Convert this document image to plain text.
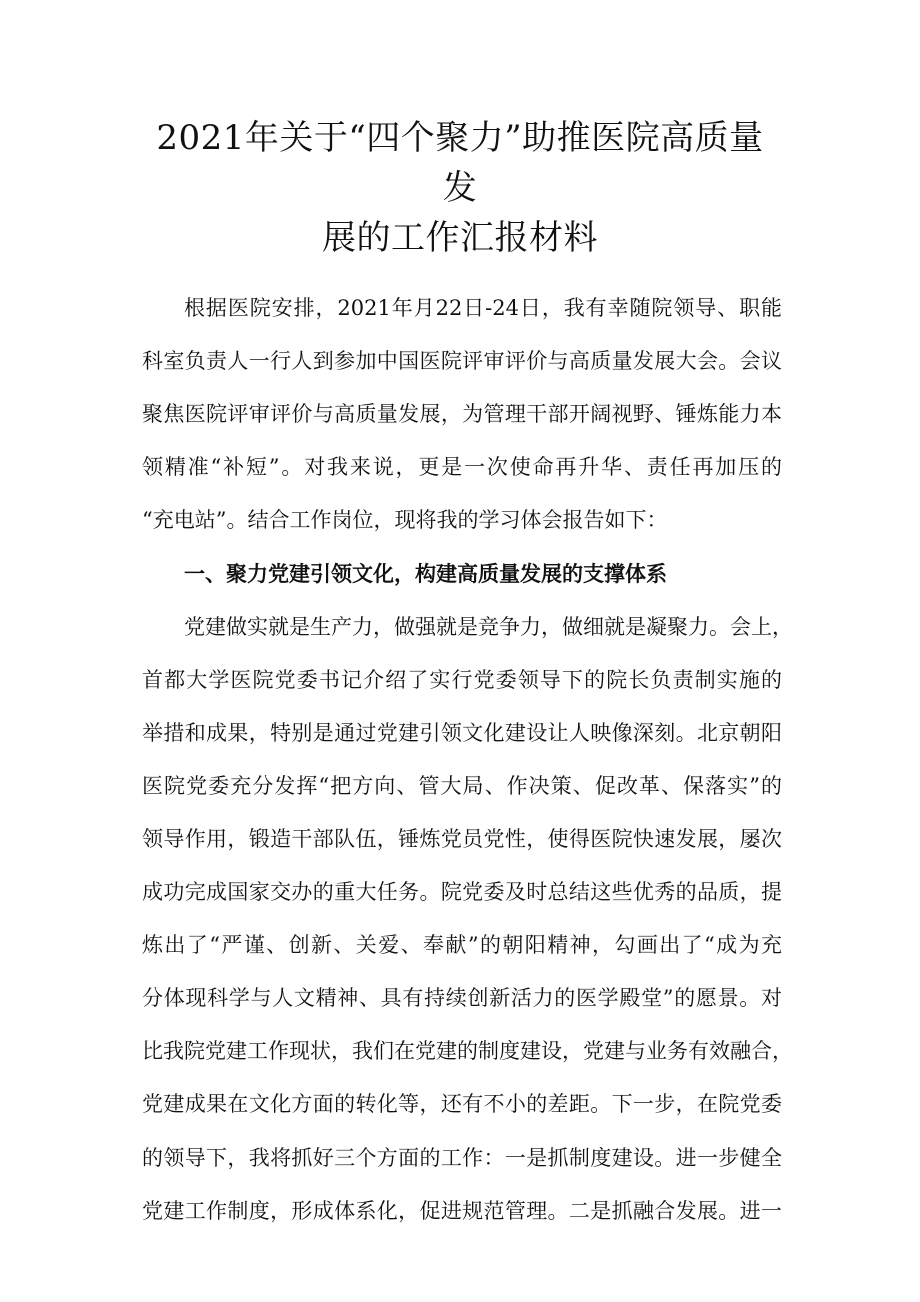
2021年关于“四个聚力”助推医院高质量发
展的工作汇报材料
根据医院安排，2021年月22日-24日，我有幸随院领导、职能
科室负责人一行人到参加中国医院评审评价与高质量发展大会。会议
聚焦医院评审评价与高质量发展，为管理干部开阔视野、锤炼能力本
领精准“补短”。对我来说，更是一次使命再升华、责任再加压的
“充电站”。结合工作岗位，现将我的学习体会报告如下：
一、聚力党建引领文化，构建高质量发展的支撑体系
党建做实就是生产力，做强就是竞争力，做细就是凝聚力。会上，
首都大学医院党委书记介绍了实行党委领导下的院长负责制实施的
举措和成果，特别是通过党建引领文化建设让人映像深刻。北京朝阳
医院党委充分发挥“把方向、管大局、作决策、促改革、保落实”的
领导作用，锻造干部队伍，锤炼党员党性，使得医院快速发展，屡次
成功完成国家交办的重大任务。院党委及时总结这些优秀的品质，提
炼出了“严谨、创新、关爱、奉献”的朝阳精神，勾画出了“成为充
分体现科学与人文精神、具有持续创新活力的医学殿堂”的愿景。对
比我院党建工作现状，我们在党建的制度建设，党建与业务有效融合，
党建成果在文化方面的转化等，还有不小的差距。下一步，在院党委
的领导下，我将抓好三个方面的工作：一是抓制度建设。进一步健全
党建工作制度，形成体系化，促进规范管理。二是抓融合发展。进一
